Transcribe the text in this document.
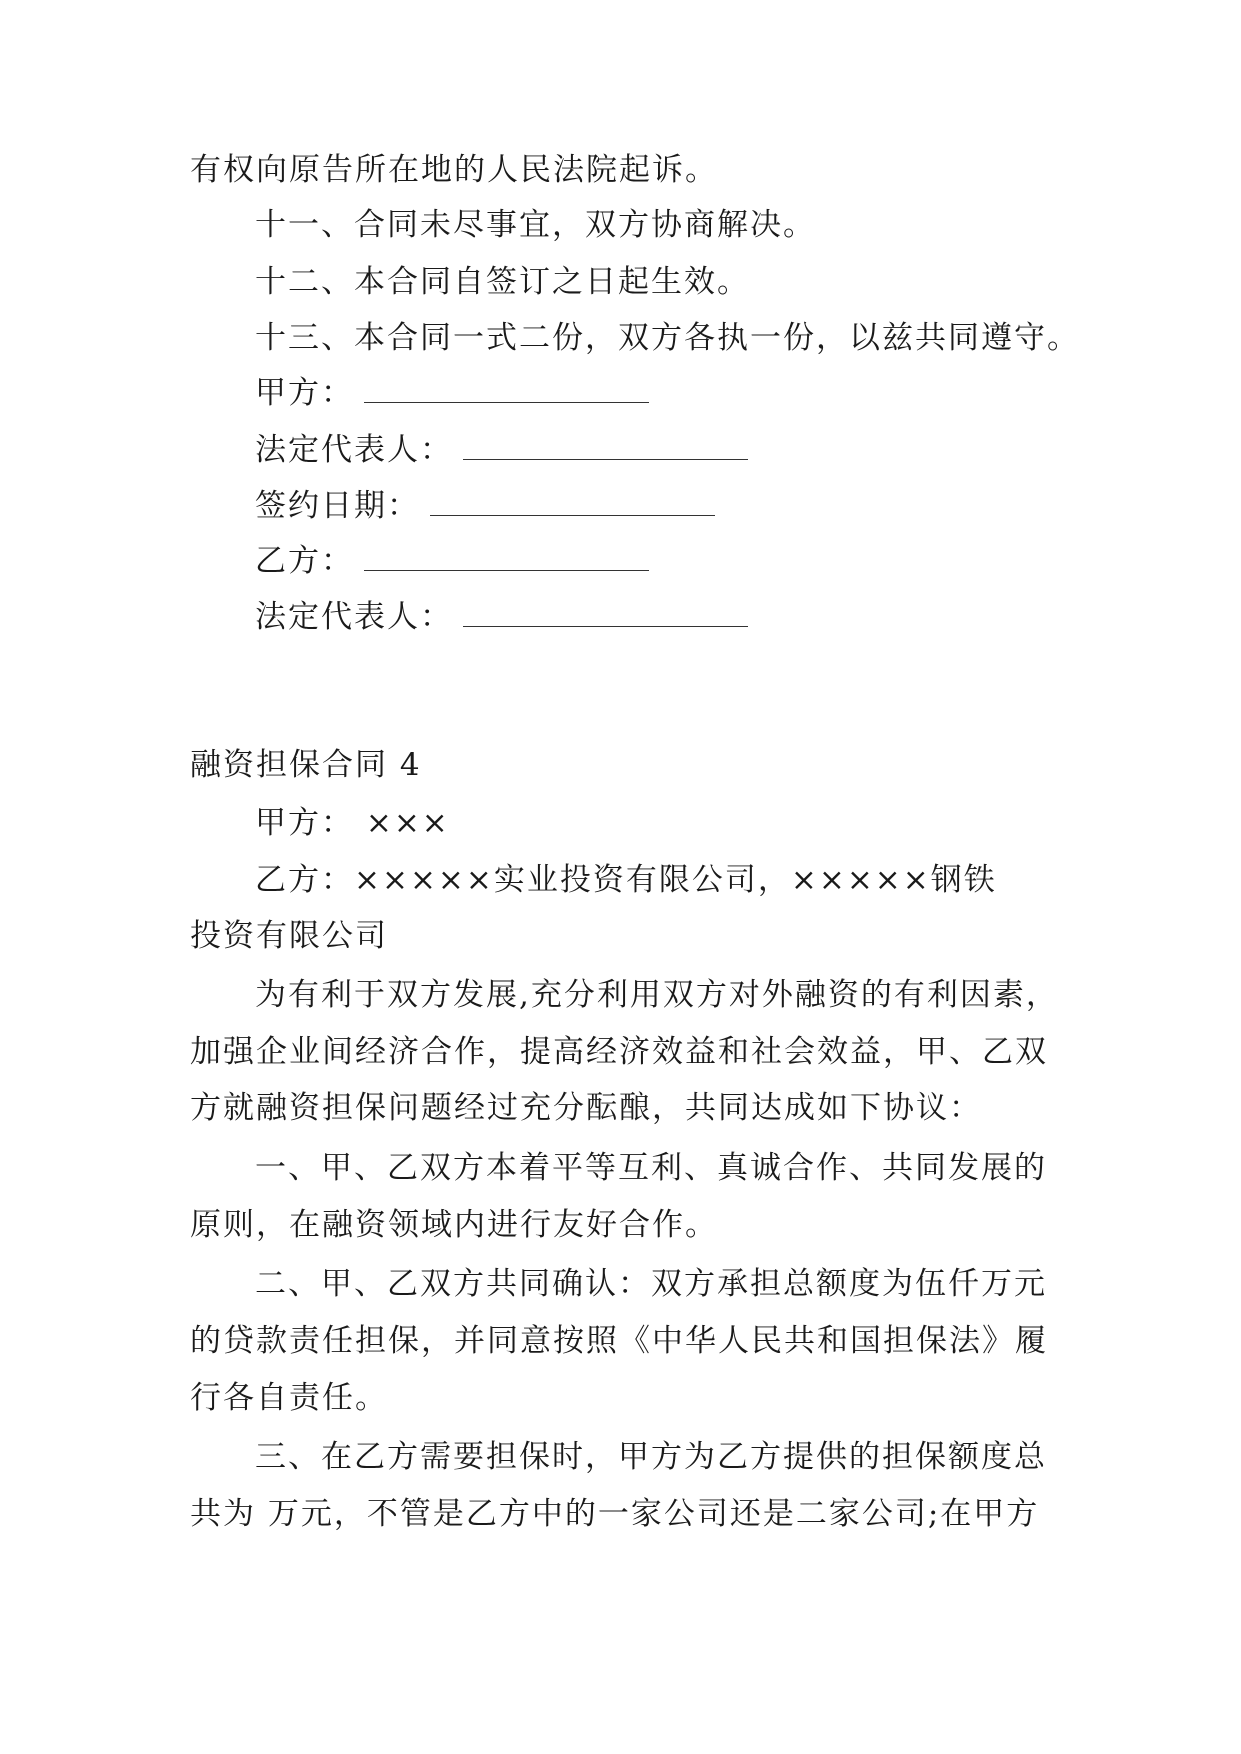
有权向原告所在地的人民法院起诉。
十一、合同未尽事宜，双方协商解决。
十二、本合同自签订之日起生效。
十三、本合同一式二份，双方各执一份，以兹共同遵守。
甲方：
法定代表人：
签约日期：
乙方：
法定代表人：
融资担保合同 4
甲方： ×××
乙方：×××××实业投资有限公司，×××××钢铁
投资有限公司
为有利于双方发展,充分利用双方对外融资的有利因素，
加强企业间经济合作，提高经济效益和社会效益，甲、乙双
方就融资担保问题经过充分酝酿，共同达成如下协议：
一、甲、乙双方本着平等互利、真诚合作、共同发展的
原则，在融资领域内进行友好合作。
二、甲、乙双方共同确认：双方承担总额度为伍仟万元
的贷款责任担保，并同意按照《中华人民共和国担保法》履
行各自责任。
三、在乙方需要担保时，甲方为乙方提供的担保额度总
共为 万元，不管是乙方中的一家公司还是二家公司;在甲方
